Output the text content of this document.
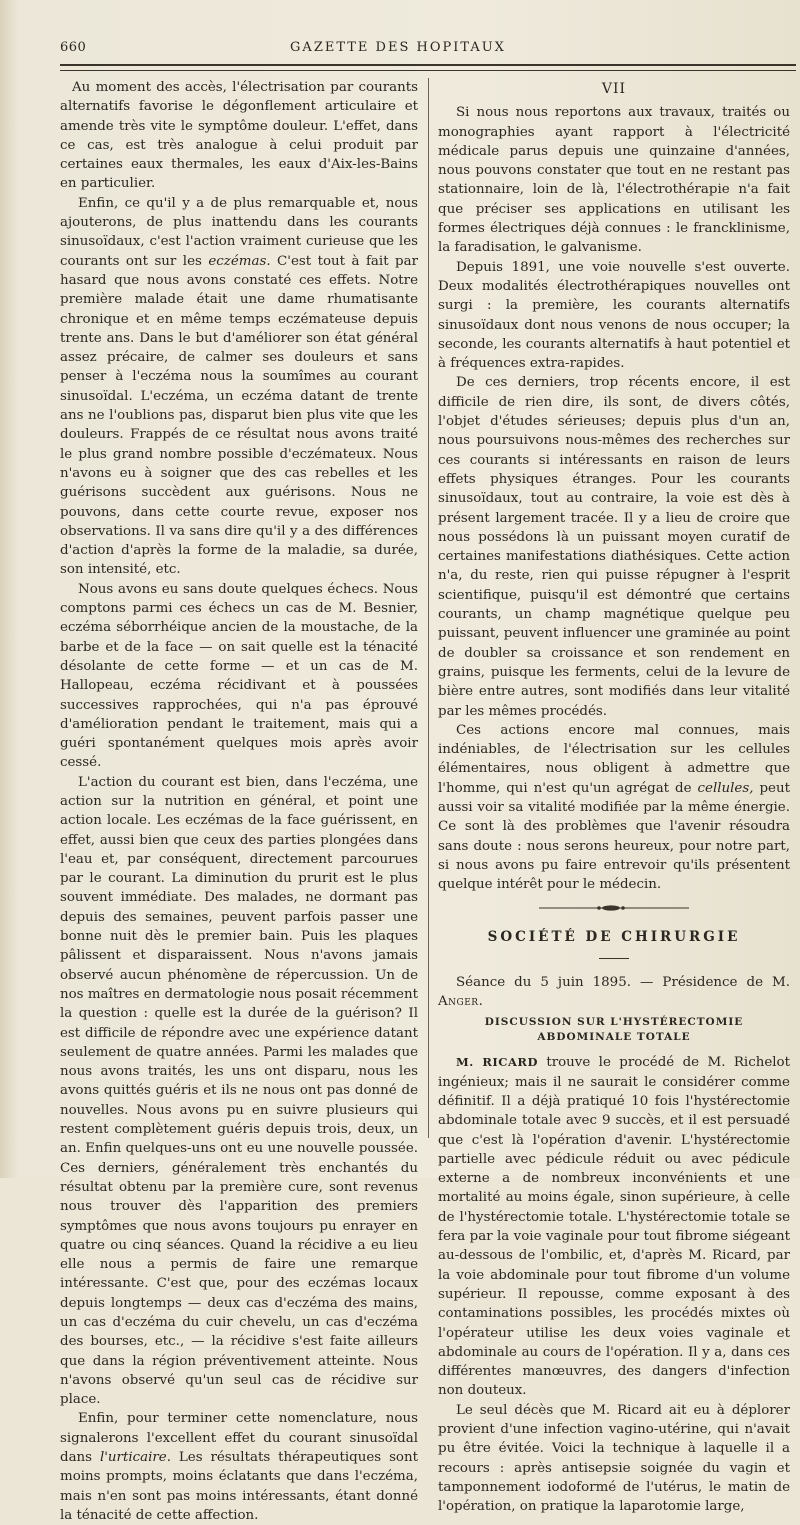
660	GAZETTE DES HOPITAUX

Au moment des accès, l'électrisation par courants alternatifs favorise le dégonflement articulaire et amende très vite le symptôme douleur. L'effet, dans ce cas, est très analogue à celui produit par certaines eaux thermales, les eaux d'Aix-les-Bains en particulier.

Enfin, ce qu'il y a de plus remarquable et, nous ajouterons, de plus inattendu dans les courants sinusoïdaux, c'est l'action vraiment curieuse que les courants ont sur les eczémas. C'est tout à fait par hasard que nous avons constaté ces effets. Notre première malade était une dame rhumatisante chronique et en même temps eczémateuse depuis trente ans. Dans le but d'améliorer son état général assez précaire, de calmer ses douleurs et sans penser à l'eczéma nous la soumîmes au courant sinusoïdal. L'eczéma, un eczéma datant de trente ans ne l'oublions pas, disparut bien plus vite que les douleurs. Frappés de ce résultat nous avons traité le plus grand nombre possible d'eczémateux. Nous n'avons eu à soigner que des cas rebelles et les guérisons succèdent aux guérisons. Nous ne pouvons, dans cette courte revue, exposer nos observations. Il va sans dire qu'il y a des différences d'action d'après la forme de la maladie, sa durée, son intensité, etc.

Nous avons eu sans doute quelques échecs. Nous comptons parmi ces échecs un cas de M. Besnier, eczéma séborrhéique ancien de la moustache, de la barbe et de la face — on sait quelle est la ténacité désolante de cette forme — et un cas de M. Hallopeau, eczéma récidivant et à poussées successives rapprochées, qui n'a pas éprouvé d'amélioration pendant le traitement, mais qui a guéri spontanément quelques mois après avoir cessé.

L'action du courant est bien, dans l'eczéma, une action sur la nutrition en général, et point une action locale. Les eczémas de la face guérissent, en effet, aussi bien que ceux des parties plongées dans l'eau et, par conséquent, directement parcourues par le courant. La diminution du prurit est le plus souvent immédiate. Des malades, ne dormant pas depuis des semaines, peuvent parfois passer une bonne nuit dès le premier bain. Puis les plaques pâlissent et disparaissent. Nous n'avons jamais observé aucun phénomène de répercussion. Un de nos maîtres en dermatologie nous posait récemment la question : quelle est la durée de la guérison? Il est difficile de répondre avec une expérience datant seulement de quatre années. Parmi les malades que nous avons traités, les uns ont disparu, nous les avons quittés guéris et ils ne nous ont pas donné de nouvelles. Nous avons pu en suivre plusieurs qui restent complètement guéris depuis trois, deux, un an. Enfin quelques-uns ont eu une nouvelle poussée. Ces derniers, généralement très enchantés du résultat obtenu par la première cure, sont revenus nous trouver dès l'apparition des premiers symptômes que nous avons toujours pu enrayer en quatre ou cinq séances. Quand la récidive a eu lieu elle nous a permis de faire une remarque intéressante. C'est que, pour des eczémas locaux depuis longtemps — deux cas d'eczéma des mains, un cas d'eczéma du cuir chevelu, un cas d'eczéma des bourses, etc., — la récidive s'est faite ailleurs que dans la région préventivement atteinte. Nous n'avons observé qu'un seul cas de récidive sur place.

Enfin, pour terminer cette nomenclature, nous signalerons l'excellent effet du courant sinusoïdal dans l'urticaire. Les résultats thérapeutiques sont moins prompts, moins éclatants que dans l'eczéma, mais n'en sont pas moins intéressants, étant donné la ténacité de cette affection.

VII

Si nous nous reportons aux travaux, traités ou monographies ayant rapport à l'électricité médicale parus depuis une quinzaine d'années, nous pouvons constater que tout en ne restant pas stationnaire, loin de là, l'électrothérapie n'a fait que préciser ses applications en utilisant les formes électriques déjà connues : le francklinisme, la faradisation, le galvanisme.

Depuis 1891, une voie nouvelle s'est ouverte. Deux modalités électrothérapiques nouvelles ont surgi : la première, les courants alternatifs sinusoïdaux dont nous venons de nous occuper; la seconde, les courants alternatifs à haut potentiel et à fréquences extra-rapides.

De ces derniers, trop récents encore, il est difficile de rien dire, ils sont, de divers côtés, l'objet d'études sérieuses; depuis plus d'un an, nous poursuivons nous-mêmes des recherches sur ces courants si intéressants en raison de leurs effets physiques étranges. Pour les courants sinusoïdaux, tout au contraire, la voie est dès à présent largement tracée. Il y a lieu de croire que nous possédons là un puissant moyen curatif de certaines manifestations diathésiques. Cette action n'a, du reste, rien qui puisse répugner à l'esprit scientifique, puisqu'il est démontré que certains courants, un champ magnétique quelque peu puissant, peuvent influencer une graminée au point de doubler sa croissance et son rendement en grains, puisque les ferments, celui de la levure de bière entre autres, sont modifiés dans leur vitalité par les mêmes procédés.

Ces actions encore mal connues, mais indéniables, de l'électrisation sur les cellules élémentaires, nous obligent à admettre que l'homme, qui n'est qu'un agrégat de cellules, peut aussi voir sa vitalité modifiée par la même énergie. Ce sont là des problèmes que l'avenir résoudra sans doute : nous serons heureux, pour notre part, si nous avons pu faire entrevoir qu'ils présentent quelque intérêt pour le médecin.

SOCIÉTÉ DE CHIRURGIE

Séance du 5 juin 1895. — Présidence de M. Anger.

DISCUSSION SUR L'HYSTÉRECTOMIE ABDOMINALE TOTALE

M. RICARD trouve le procédé de M. Richelot ingénieux; mais il ne saurait le considérer comme définitif. Il a déjà pratiqué 10 fois l'hystérectomie abdominale totale avec 9 succès, et il est persuadé que c'est là l'opération d'avenir. L'hystérectomie partielle avec pédicule réduit ou avec pédicule externe a de nombreux inconvénients et une mortalité au moins égale, sinon supérieure, à celle de l'hystérectomie totale. L'hystérectomie totale se fera par la voie vaginale pour tout fibrome siégeant au-dessous de l'ombilic, et, d'après M. Ricard, par la voie abdominale pour tout fibrome d'un volume supérieur. Il repousse, comme exposant à des contaminations possibles, les procédés mixtes où l'opérateur utilise les deux voies vaginale et abdominale au cours de l'opération. Il y a, dans ces différentes manœuvres, des dangers d'infection non douteux.

Le seul décès que M. Ricard ait eu à déplorer provient d'une infection vagino-utérine, qui n'avait pu être évitée. Voici la technique à laquelle il a recours : après antisepsie soignée du vagin et tamponnement iodoformé de l'utérus, le matin de l'opération, on pratique la laparotomie large,
